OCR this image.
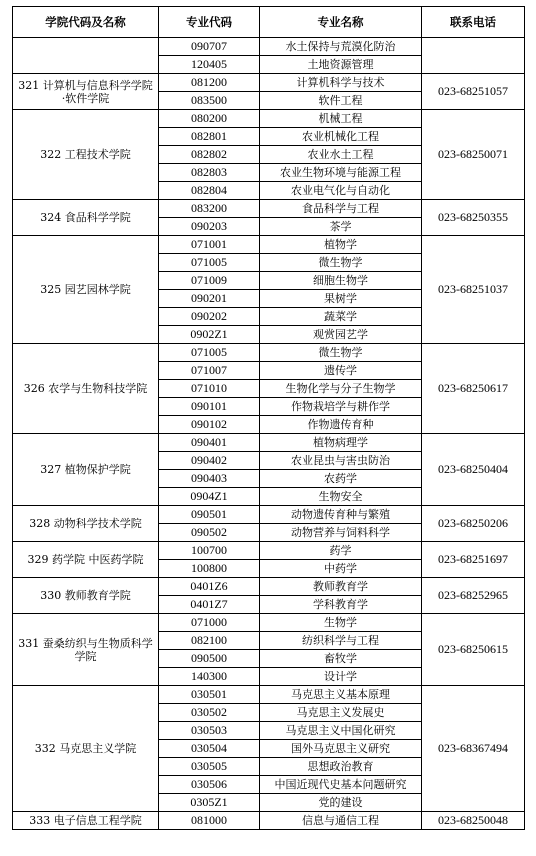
学院代码及名称	专业代码	专业名称	联系电话
	090707	水土保持与荒漠化防治	
	120405	土地资源管理	
321 计算机与信息科学学院·软件学院	081200	计算机科学与技术	023-68251057
	083500	软件工程	
322 工程技术学院	080200	机械工程	023-68250071
	082801	农业机械化工程	
	082802	农业水土工程	
	082803	农业生物环境与能源工程	
	082804	农业电气化与自动化	
324 食品科学学院	083200	食品科学与工程	023-68250355
	090203	茶学	
325 园艺园林学院	071001	植物学	023-68251037
	071005	微生物学	
	071009	细胞生物学	
	090201	果树学	
	090202	蔬菜学	
	0902Z1	观赏园艺学	
326 农学与生物科技学院	071005	微生物学	023-68250617
	071007	遗传学	
	071010	生物化学与分子生物学	
	090101	作物栽培学与耕作学	
	090102	作物遗传育种	
327 植物保护学院	090401	植物病理学	023-68250404
	090402	农业昆虫与害虫防治	
	090403	农药学	
	0904Z1	生物安全	
328 动物科学技术学院	090501	动物遗传育种与繁殖	023-68250206
	090502	动物营养与饲料科学	
329 药学院 中医药学院	100700	药学	023-68251697
	100800	中药学	
330 教师教育学院	0401Z6	教师教育学	023-68252965
	0401Z7	学科教育学	
331 蚕桑纺织与生物质科学学院	071000	生物学	023-68250615
	082100	纺织科学与工程	
	090500	畜牧学	
	140300	设计学	
332 马克思主义学院	030501	马克思主义基本原理	023-68367494
	030502	马克思主义发展史	
	030503	马克思主义中国化研究	
	030504	国外马克思主义研究	
	030505	思想政治教育	
	030506	中国近现代史基本问题研究	
	0305Z1	党的建设	
333 电子信息工程学院	081000	信息与通信工程	023-68250048
